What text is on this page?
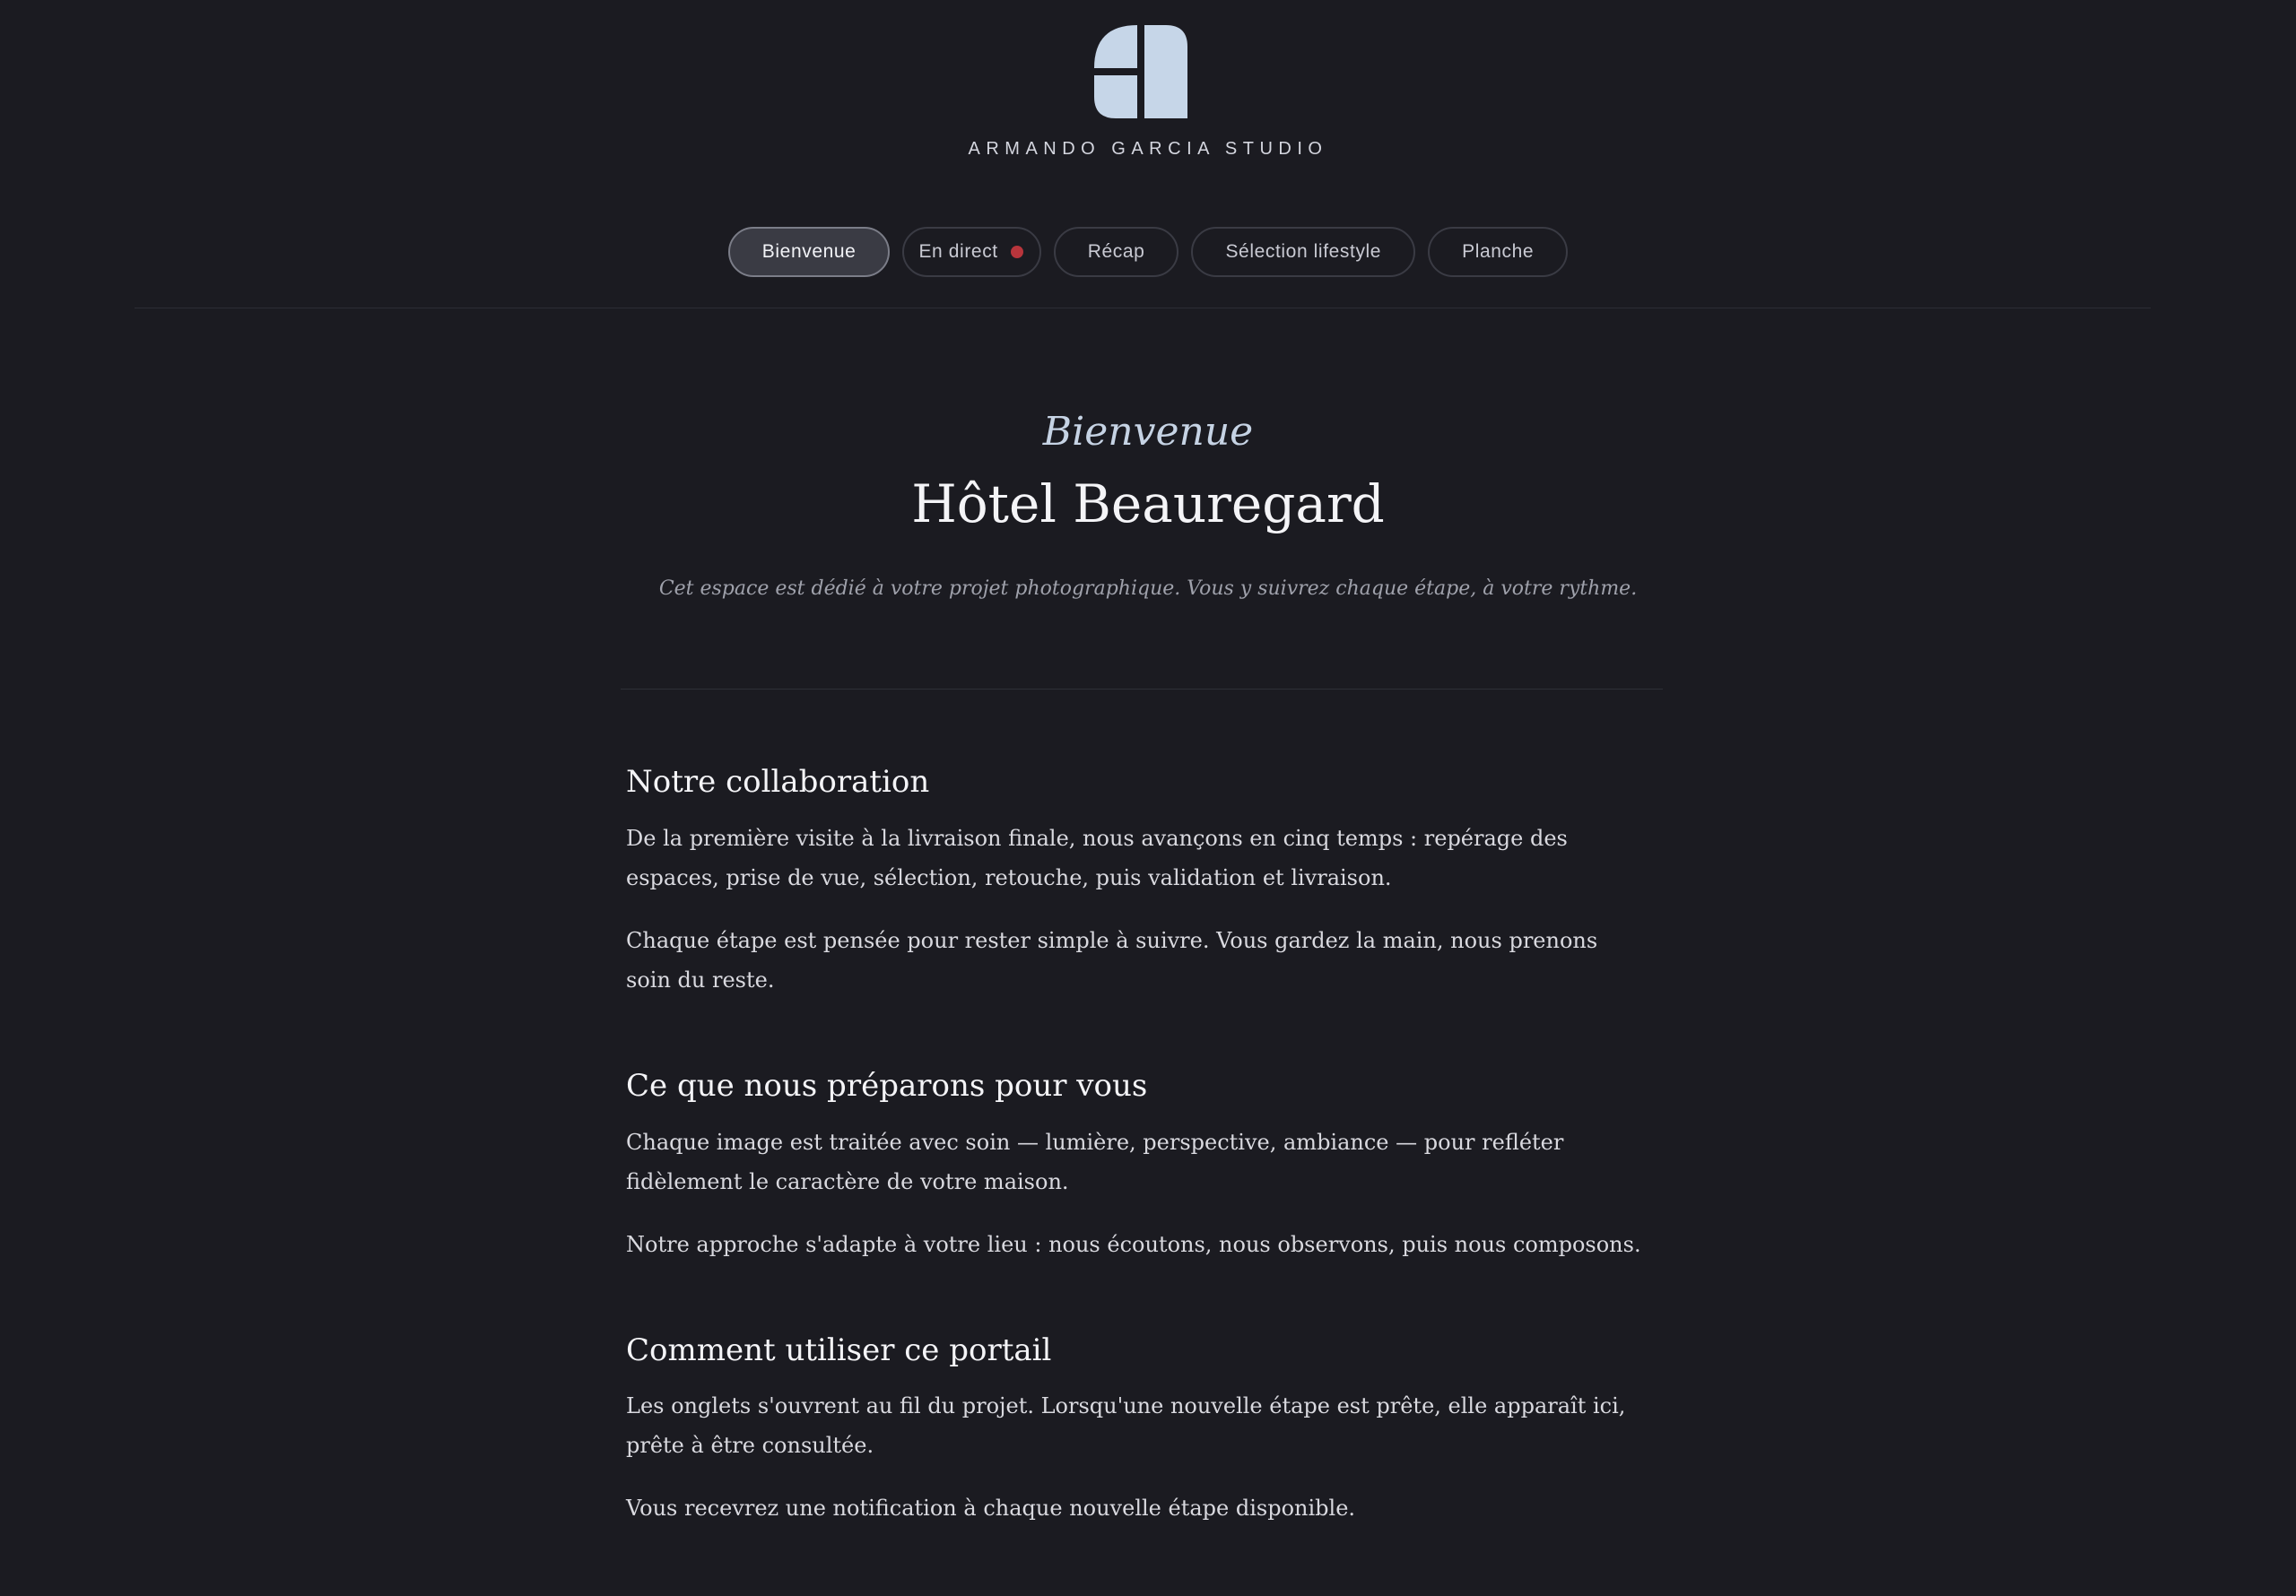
ARMANDO GARCIA STUDIO
Bienvenue	En direct	Récap	Sélection lifestyle	Planche
Bienvenue
Hôtel Beauregard
Cet espace est dédié à votre projet photographique. Vous y suivrez chaque étape, à votre rythme.
Notre collaboration

De la première visite à la livraison finale, nous avançons en cinq temps : repérage des espaces, prise de vue, sélection, retouche, puis validation et livraison.

Chaque étape est pensée pour rester simple à suivre. Vous gardez la main, nous prenons soin du reste.

Ce que nous préparons pour vous

Chaque image est traitée avec soin — lumière, perspective, ambiance — pour refléter fidèlement le caractère de votre maison.

Notre approche s'adapte à votre lieu : nous écoutons, nous observons, puis nous composons.

Comment utiliser ce portail

Les onglets s'ouvrent au fil du projet. Lorsqu'une nouvelle étape est prête, elle apparaît ici, prête à être consultée.

Vous recevrez une notification à chaque nouvelle étape disponible.
